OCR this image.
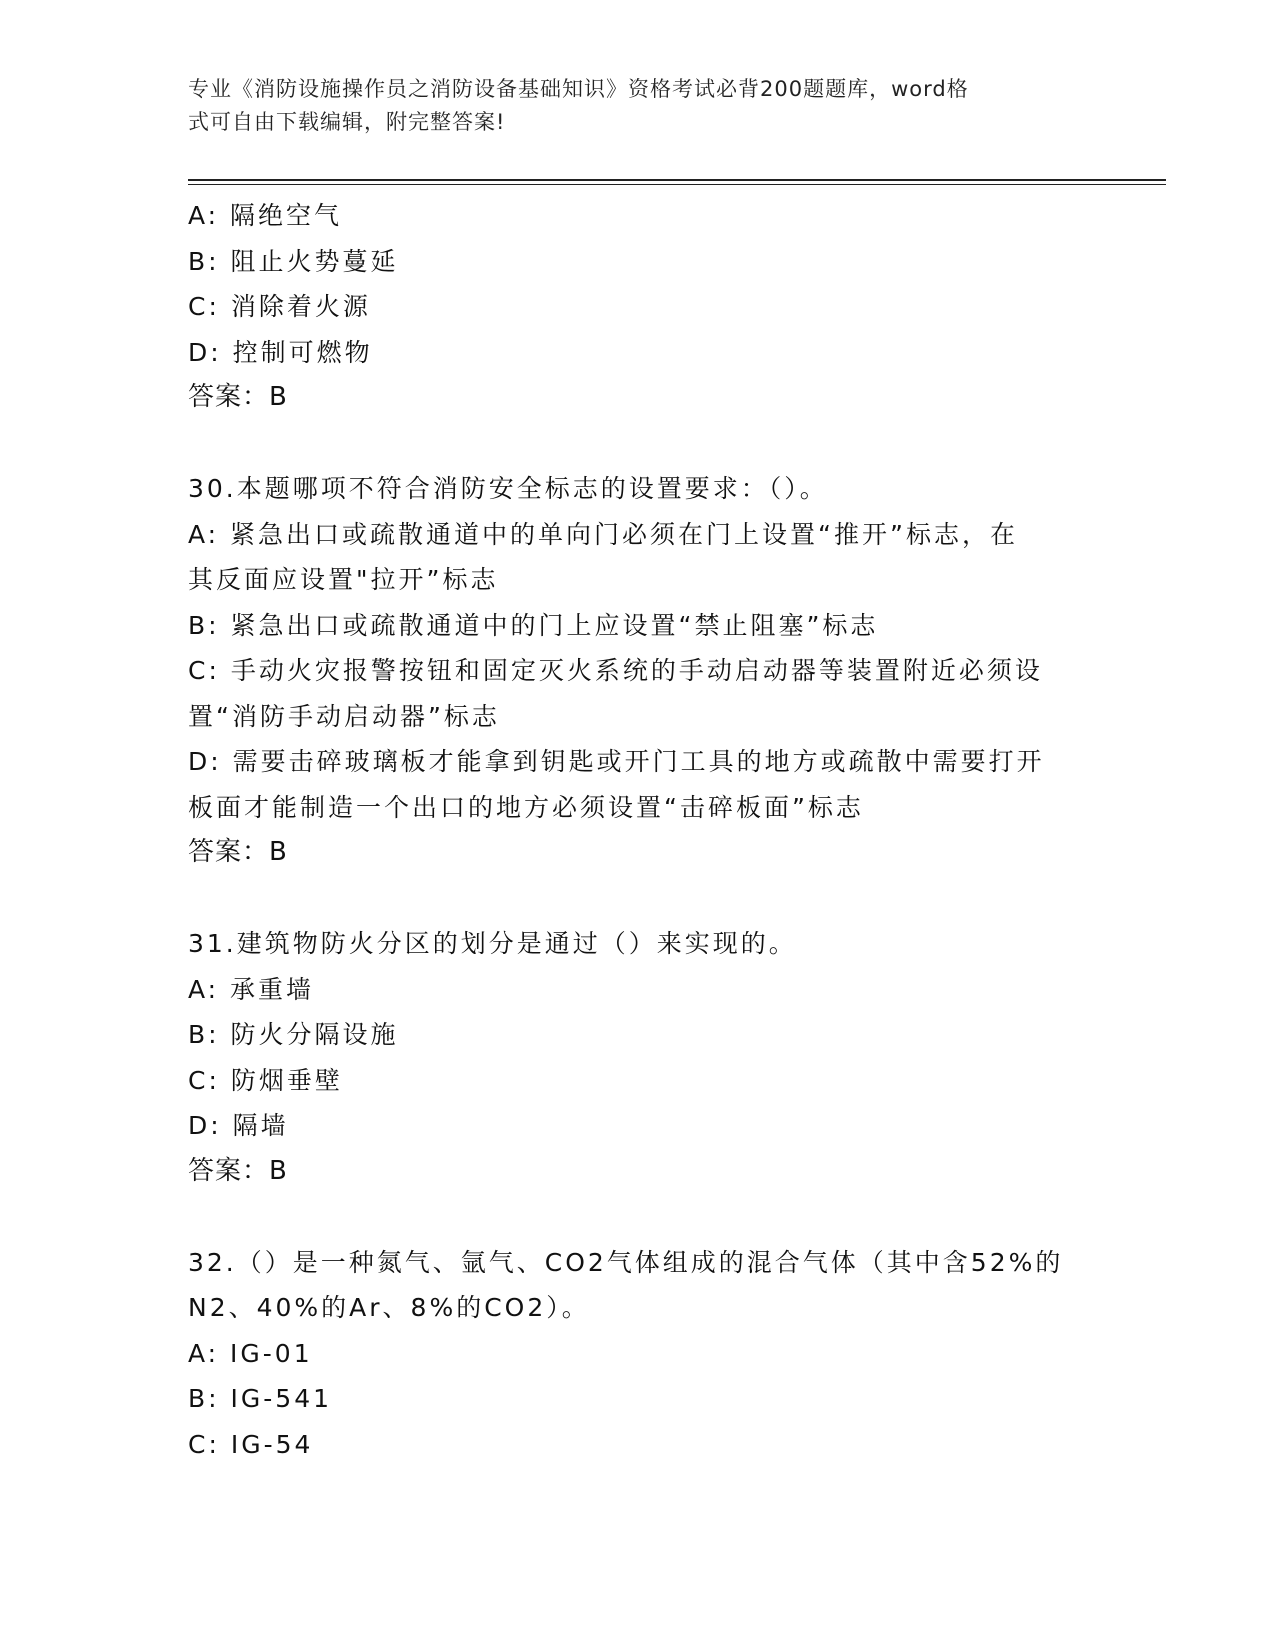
专业《消防设施操作员之消防设备基础知识》资格考试必背200题题库，word格
式可自由下载编辑，附完整答案!
A: 隔绝空气
B: 阻止火势蔓延
C: 消除着火源
D: 控制可燃物
答案：B
30.本题哪项不符合消防安全标志的设置要求：（）。
A: 紧急出口或疏散通道中的单向门必须在门上设置“推开”标志，在
其反面应设置"拉开”标志
B: 紧急出口或疏散通道中的门上应设置“禁止阻塞”标志
C: 手动火灾报警按钮和固定灭火系统的手动启动器等装置附近必须设
置“消防手动启动器”标志
D: 需要击碎玻璃板才能拿到钥匙或开门工具的地方或疏散中需要打开
板面才能制造一个出口的地方必须设置“击碎板面”标志
答案：B
31.建筑物防火分区的划分是通过（）来实现的。
A: 承重墙
B: 防火分隔设施
C: 防烟垂壁
D: 隔墙
答案：B
32.（）是一种氮气、氩气、CO2气体组成的混合气体（其中含52%的
N2、40%的Ar、8%的CO2）。
A: IG-01
B: IG-541
C: IG-54
